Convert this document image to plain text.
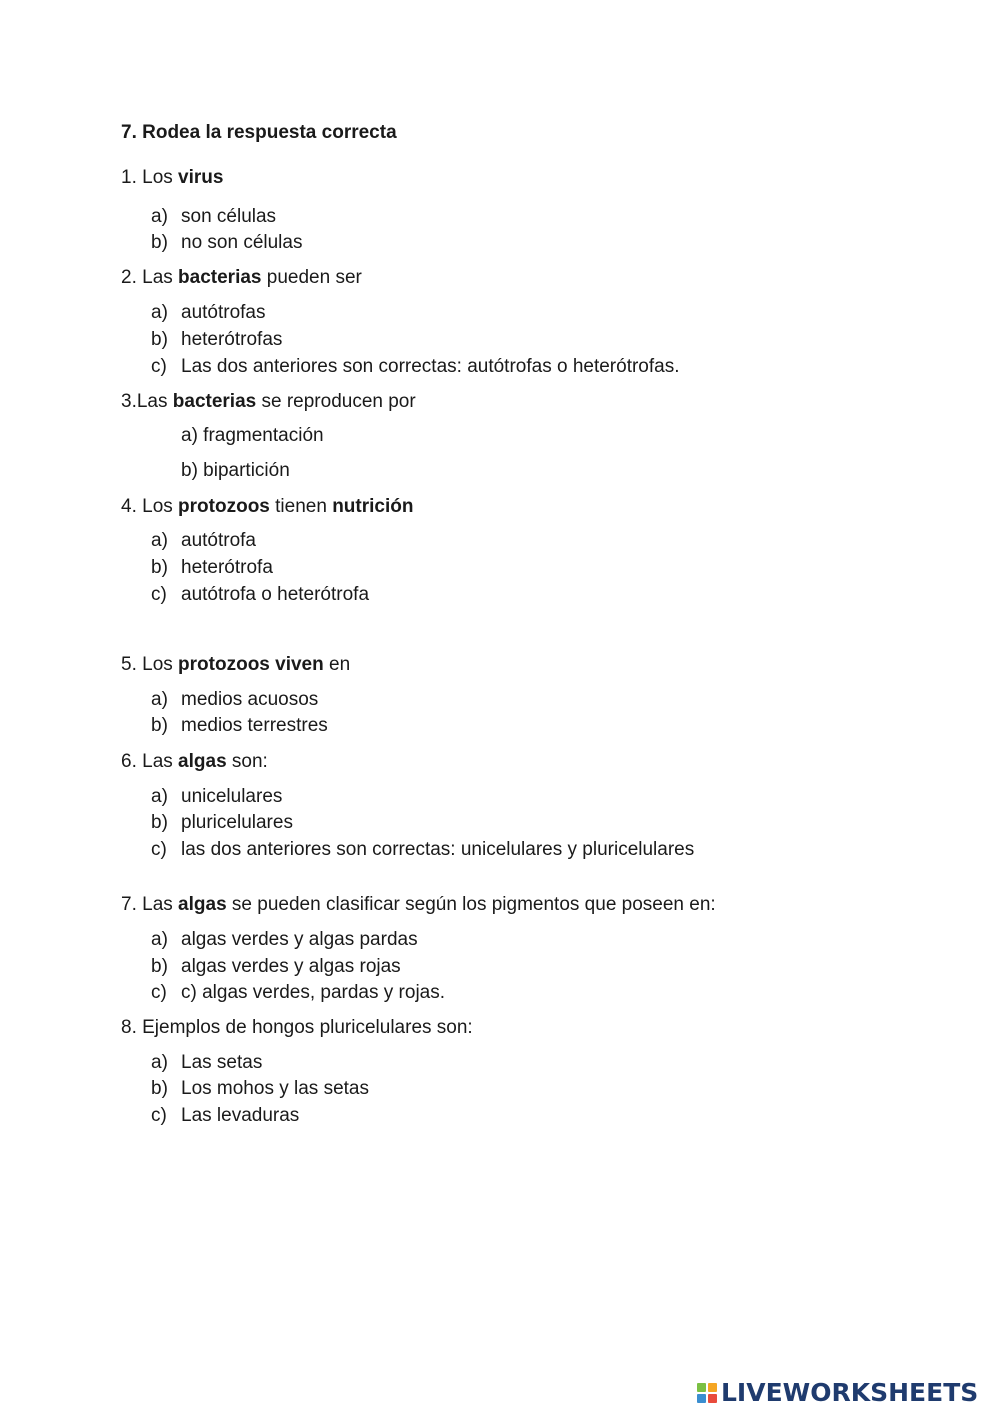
7. Rodea la respuesta correcta
1. Los virus
a) son células
b) no son células
2. Las bacterias pueden ser
a) autótrofas
b) heterótrofas
c) Las dos anteriores son correctas: autótrofas o heterótrofas.
3.Las bacterias se reproducen por
a) fragmentación
b) bipartición
4. Los protozoos tienen nutrición
a) autótrofa
b) heterótrofa
c) autótrofa o heterótrofa
5. Los protozoos viven en
a) medios acuosos
b) medios terrestres
6. Las algas son:
a) unicelulares
b) pluricelulares
c) las dos anteriores son correctas: unicelulares y pluricelulares
7. Las algas se pueden clasificar según los pigmentos que poseen en:
a) algas verdes y algas pardas
b) algas verdes y algas rojas
c) c) algas verdes, pardas y rojas.
8. Ejemplos de hongos pluricelulares son:
a) Las setas
b) Los mohos y las setas
c) Las levaduras
LIVEWORKSHEETS
